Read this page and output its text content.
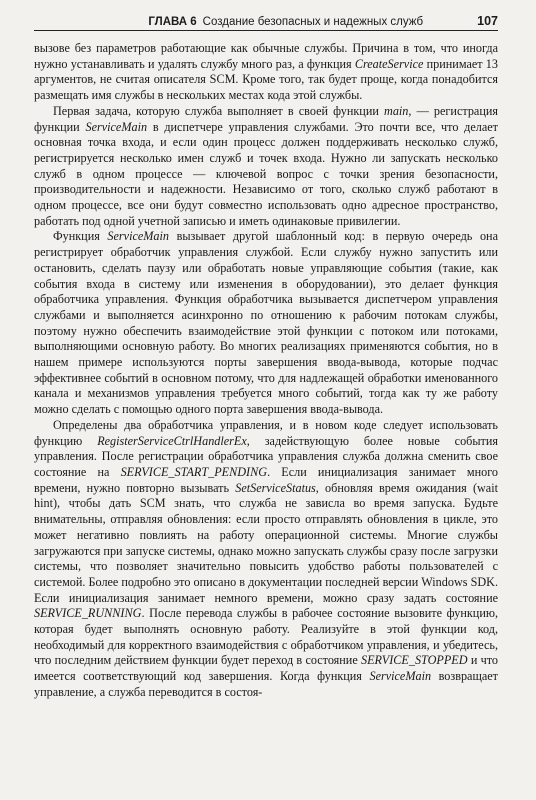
ГЛАВА 6 Создание безопасных и надежных служб	107

вызове без параметров работающие как обычные службы. Причина в том, что иногда нужно устанавливать и удалять службу много раз, а функция CreateService принимает 13 аргументов, не считая описателя SCM. Кроме того, так будет проще, когда понадобится размещать имя службы в нескольких местах кода этой службы.

Первая задача, которую служба выполняет в своей функции main, — регистрация функции ServiceMain в диспетчере управления службами. Это почти все, что делает основная точка входа, и если один процесс должен поддерживать несколько служб, регистрируется несколько имен служб и точек входа. Нужно ли запускать несколько служб в одном процессе — ключевой вопрос с точки зрения безопасности, производительности и надежности. Независимо от того, сколько служб работают в одном процессе, все они будут совместно использовать одно адресное пространство, работать под одной учетной записью и иметь одинаковые привилегии.

Функция ServiceMain вызывает другой шаблонный код: в первую очередь она регистрирует обработчик управления службой. Если службу нужно запустить или остановить, сделать паузу или обработать новые управляющие события (такие, как события входа в систему или изменения в оборудовании), это делает функция обработчика управления. Функция обработчика вызывается диспетчером управления службами и выполняется асинхронно по отношению к рабочим потокам службы, поэтому нужно обеспечить взаимодействие этой функции с потоком или потоками, выполняющими основную работу. Во многих реализациях применяются события, но в нашем примере используются порты завершения ввода-вывода, которые подчас эффективнее событий в основном потому, что для надлежащей обработки именованного канала и механизмов управления требуется много событий, тогда как ту же работу можно сделать с помощью одного порта завершения ввода-вывода.

Определены два обработчика управления, и в новом коде следует использовать функцию RegisterServiceCtrlHandlerEx, задействующую более новые события управления. После регистрации обработчика управления служба должна сменить свое состояние на SERVICE_START_PENDING. Если инициализация занимает много времени, нужно повторно вызывать SetServiceStatus, обновляя время ожидания (wait hint), чтобы дать SCM знать, что служба не зависла во время запуска. Будьте внимательны, отправляя обновления: если просто отправлять обновления в цикле, это может негативно повлиять на работу операционной системы. Многие службы загружаются при запуске системы, однако можно запускать службы сразу после загрузки системы, что позволяет значительно повысить удобство работы пользователей с системой. Более подробно это описано в документации последней версии Windows SDK. Если инициализация занимает немного времени, можно сразу задать состояние SERVICE_RUNNING. После перевода службы в рабочее состояние вызовите функцию, которая будет выполнять основную работу. Реализуйте в этой функции код, необходимый для корректного взаимодействия с обработчиком управления, и убедитесь, что последним действием функции будет переход в состояние SERVICE_STOPPED и что имеется соответствующий код завершения. Когда функция ServiceMain возвращает управление, а служба переводится в состоя-
